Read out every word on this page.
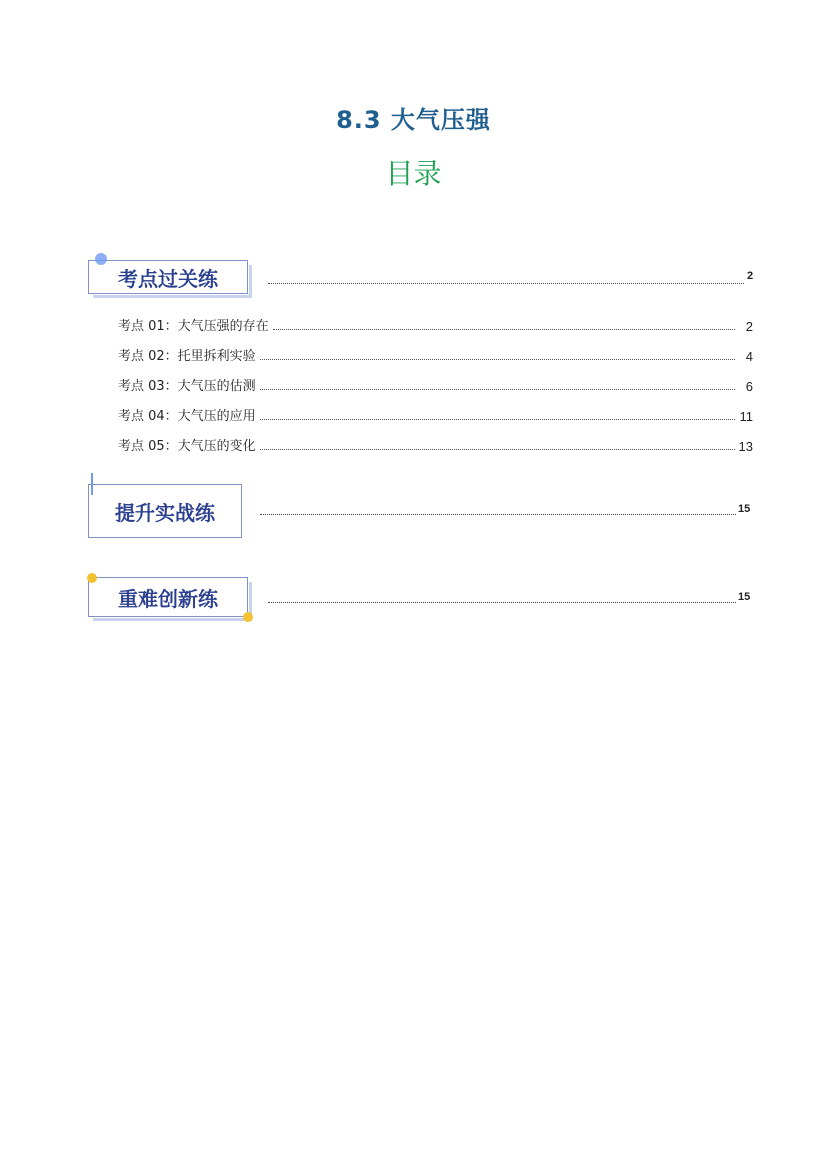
8.3 大气压强
目录
考点过关练	2
考点 01：大气压强的存在	2
考点 02：托里拆利实验	4
考点 03：大气压的估测	6
考点 04：大气压的应用	11
考点 05：大气压的变化	13
提升实战练	15
重难创新练	15
